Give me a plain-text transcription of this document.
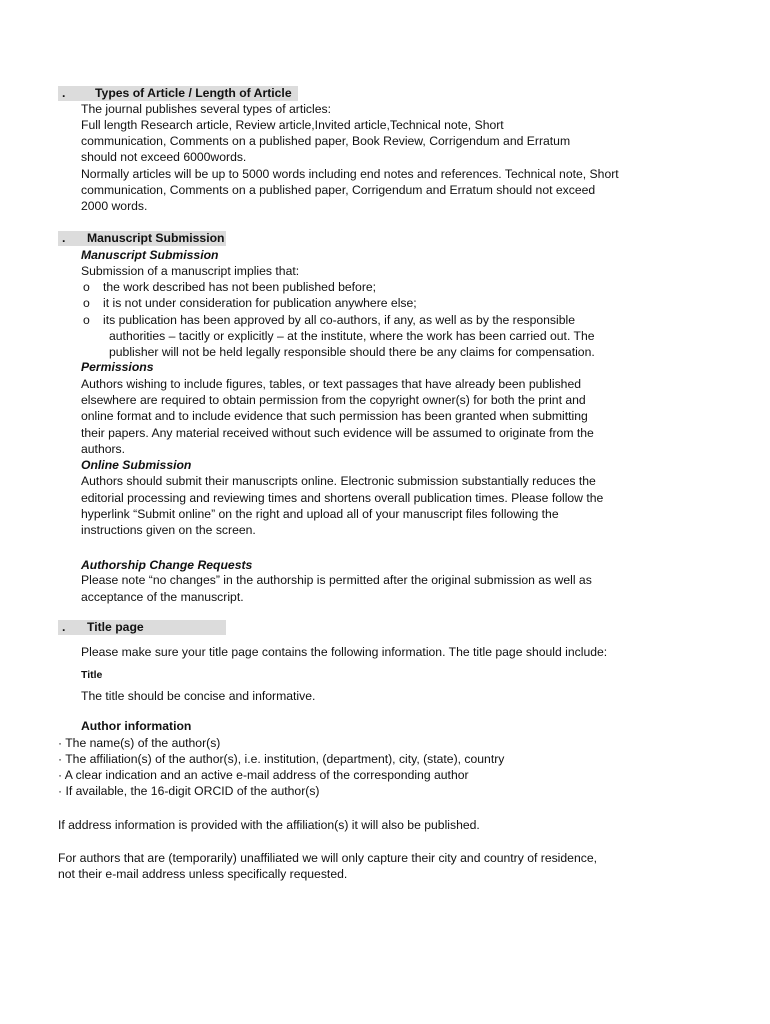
. Types of Article / Length of Article
The journal publishes several types of articles:
Full length Research article, Review article,Invited article,Technical note, Short
communication, Comments on a published paper, Book Review, Corrigendum and Erratum
should not exceed 6000words.
Normally articles will be up to 5000 words including end notes and references. Technical note, Short
communication, Comments on a published paper, Corrigendum and Erratum should not exceed
2000 words.
. Manuscript Submission
Manuscript Submission
Submission of a manuscript implies that:
o the work described has not been published before;
o it is not under consideration for publication anywhere else;
o its publication has been approved by all co-authors, if any, as well as by the responsible
authorities – tacitly or explicitly – at the institute, where the work has been carried out. The
publisher will not be held legally responsible should there be any claims for compensation.
Permissions
Authors wishing to include figures, tables, or text passages that have already been published
elsewhere are required to obtain permission from the copyright owner(s) for both the print and
online format and to include evidence that such permission has been granted when submitting
their papers. Any material received without such evidence will be assumed to originate from the
authors.
Online Submission
Authors should submit their manuscripts online. Electronic submission substantially reduces the
editorial processing and reviewing times and shortens overall publication times. Please follow the
hyperlink “Submit online” on the right and upload all of your manuscript files following the
instructions given on the screen.
Authorship Change Requests
Please note “no changes” in the authorship is permitted after the original submission as well as
acceptance of the manuscript.
. Title page
Please make sure your title page contains the following information. The title page should include:
Title
The title should be concise and informative.
Author information
· The name(s) of the author(s)
· The affiliation(s) of the author(s), i.e. institution, (department), city, (state), country
· A clear indication and an active e-mail address of the corresponding author
· If available, the 16-digit ORCID of the author(s)
If address information is provided with the affiliation(s) it will also be published.
For authors that are (temporarily) unaffiliated we will only capture their city and country of residence,
not their e-mail address unless specifically requested.
